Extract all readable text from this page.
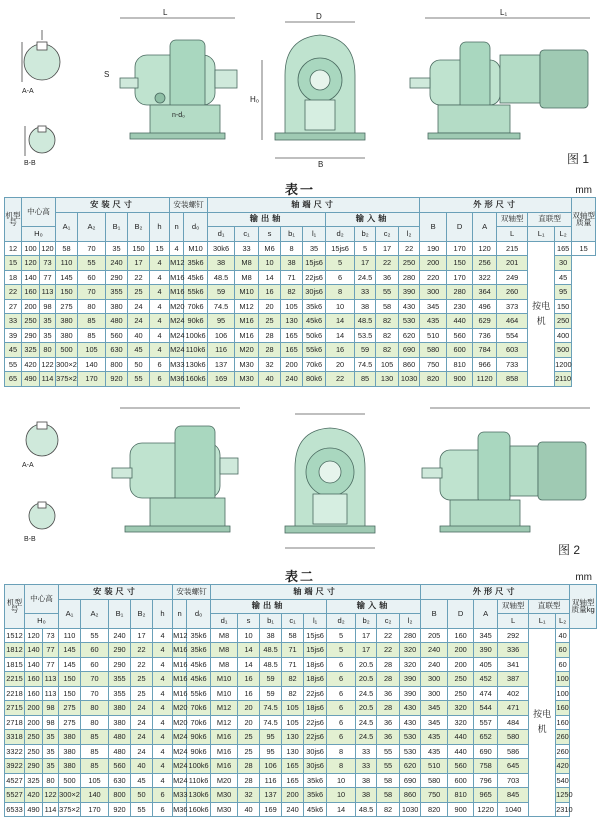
A-A
B-B
L	D	L₁
H₀
B
S
n-d₀
图 1
表一	mm
机型号	中心高		安装尺寸					安装螺钉		轴端尺寸									外形尺寸						双轴型质量
			A₁	A₂	B₁	B₂	h	n	d₀	输出轴					输入轴				B	D	A	双轴型	直联型		
	H₀									d₁	c₁	s	b₁	l₁	d₂	b₂	c₂	l₂				L	L₁	L₂	
12	100	120	58	70	35	150	15	4	M10	30k6	33	M6	8	35	15js6	5	17	22	190	170	120	215	按电机	165	15
15	120	73	110	55	240	17	4	M12	35k6	38	M8	10	38	15js6	5	17	22	250	200	150	256	201		30	
18	140	77	145	60	290	22	4	M16	45k6	48.5	M8	14	71	22js6	6	24.5	36	280	220	170	322	249		45	
22	160	113	150	70	355	25	4	M16	55k6	59	M10	16	82	30js6	8	33	55	390	300	280	364	260		95	
27	200	98	275	80	380	24	4	M20	70k6	74.5	M12	20	105	35k6	10	38	58	430	345	230	496	373		150	
33	250	35	380	85	480	24	4	M24	90k6	95	M16	25	130	45k6	14	48.5	82	530	435	440	629	464		250	
39	290	35	380	85	560	40	4	M24	100k6	106	M16	28	165	50k6	14	53.5	82	620	510	560	736	554		400	
45	325	80	500	105	630	45	4	M24	110k6	116	M20	28	165	55k6	16	59	82	690	580	600	784	603		500	
55	420	122	300×2	140	800	50	6	M33	130k6	137	M30	32	200	70k6	20	74.5	105	860	750	810	966	733		1200	
65	490	114	375×2	170	920	55	6	M36	160k6	169	M30	40	240	80k6	22	85	130	1030	820	900	1120	858		2110	
A-A
B-B
图 2
表二	mm
机型号	中心高		安装尺寸					安装螺钉		轴端尺寸									外形尺寸						双轴型质量kg
			A₁	A₂	B₁	B₂	h	n	d₀	输出轴					输入轴				B	D	A	双轴型	直联型		
	H₀									d₁	s	b₁	c₁	l₁	d₂	b₂	c₂	l₂				L	L₁	L₂	
1512	120	73	110	55	240	17	4	M12	35k6	M8	10	38	58	15js6	5	17	22	280	205	160	345	292	按电机	40	
1812	140	77	145	60	290	22	4	M16	35k6	M8	14	48.5	71	15js6	5	17	22	320	240	200	390	336		60	
1815	140	77	145	60	290	22	4	M16	45k6	M8	14	48.5	71	18js6	6	20.5	28	320	240	200	405	341		60	
2215	160	113	150	70	355	25	4	M16	45k6	M10	16	59	82	18js6	6	20.5	28	390	300	250	452	387		100	
2218	160	113	150	70	355	25	4	M16	55k6	M10	16	59	82	22js6	6	24.5	36	390	300	250	474	402		100	
2715	200	98	275	80	380	24	4	M20	70k6	M12	20	74.5	105	18js6	6	20.5	28	430	345	320	544	471		160	
2718	200	98	275	80	380	24	4	M20	70k6	M12	20	74.5	105	22js6	6	24.5	36	430	345	320	557	484		160	
3318	250	35	380	85	480	24	4	M24	90k6	M16	25	95	130	22js6	6	24.5	36	530	435	440	652	580		260	
3322	250	35	380	85	480	24	4	M24	90k6	M16	25	95	130	30js6	8	33	55	530	435	440	690	586		260	
3922	290	35	380	85	560	40	4	M24	100k6	M16	28	106	165	30js6	8	33	55	620	510	560	758	645		420	
4527	325	80	500	105	630	45	4	M24	110k6	M20	28	116	165	35k6	10	38	58	690	580	600	796	703		540	
5527	420	122	300×2	140	800	50	6	M33	130k6	M30	32	137	200	35k6	10	38	58	860	750	810	965	845		1250	
6533	490	114	375×2	170	920	55	6	M36	160k6	M30	40	169	240	45k6	14	48.5	82	1030	820	900	1220	1040		2310	
